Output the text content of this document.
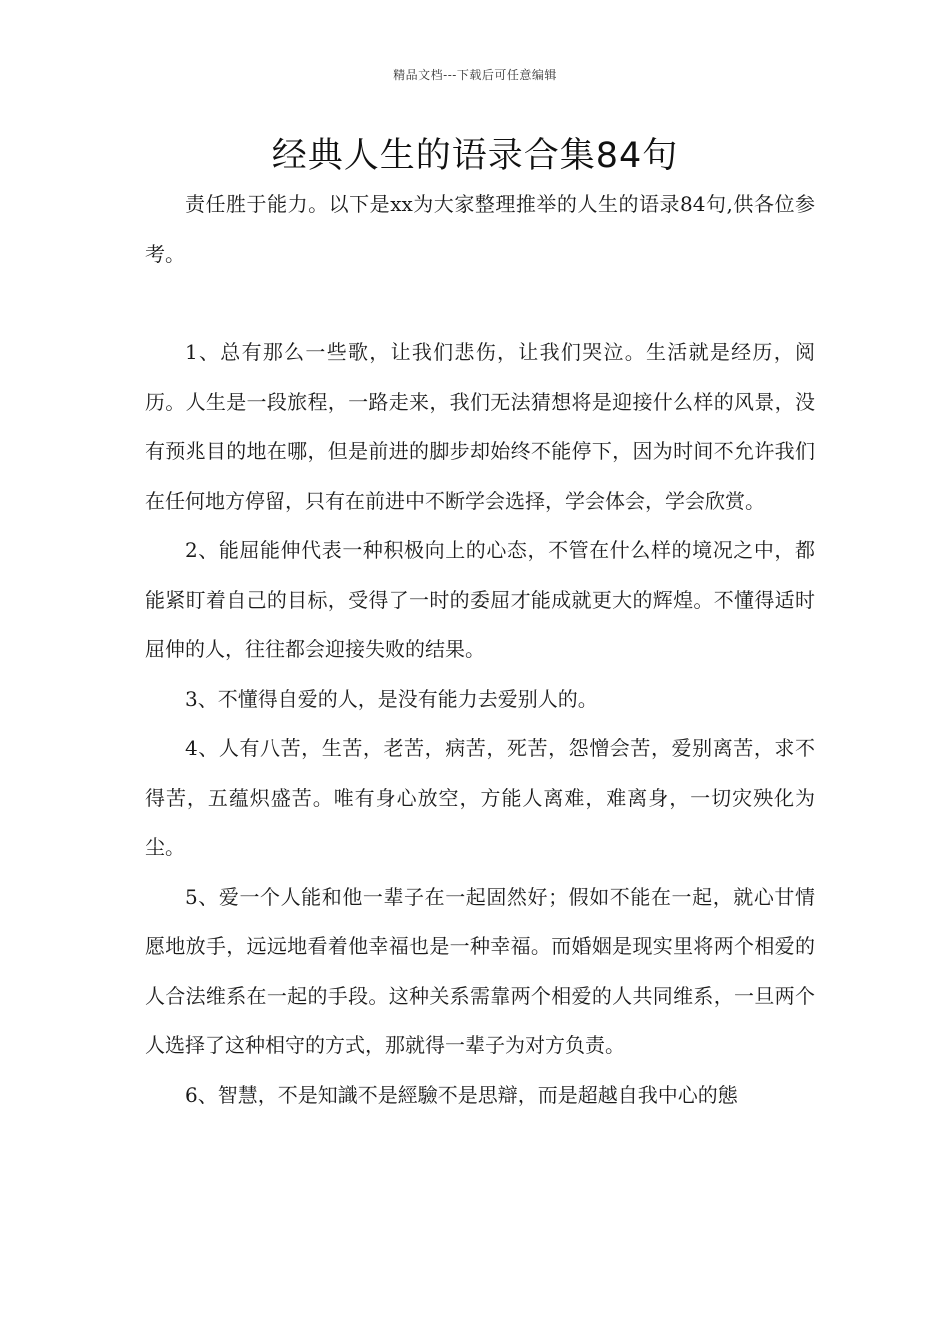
精品文档---下载后可任意编辑
经典人生的语录合集84句

责任胜于能力。以下是xx为大家整理推举的人生的语录84句,供各位参考。

1、总有那么一些歌，让我们悲伤，让我们哭泣。生活就是经历，阅历。人生是一段旅程，一路走来，我们无法猜想将是迎接什么样的风景，没有预兆目的地在哪，但是前进的脚步却始终不能停下，因为时间不允许我们在任何地方停留，只有在前进中不断学会选择，学会体会，学会欣赏。

2、能屈能伸代表一种积极向上的心态，不管在什么样的境况之中，都能紧盯着自己的目标，受得了一时的委屈才能成就更大的辉煌。不懂得适时屈伸的人，往往都会迎接失败的结果。

3、不懂得自爱的人，是没有能力去爱别人的。

4、人有八苦，生苦，老苦，病苦，死苦，怨憎会苦，爱别离苦，求不得苦，五蕴炽盛苦。唯有身心放空，方能人离难，难离身，一切灾殃化为尘。

5、爱一个人能和他一辈子在一起固然好；假如不能在一起，就心甘情愿地放手，远远地看着他幸福也是一种幸福。而婚姻是现实里将两个相爱的人合法维系在一起的手段。这种关系需靠两个相爱的人共同维系，一旦两个人选择了这种相守的方式，那就得一辈子为对方负责。

6、智慧，不是知識不是經驗不是思辯，而是超越自我中心的態
